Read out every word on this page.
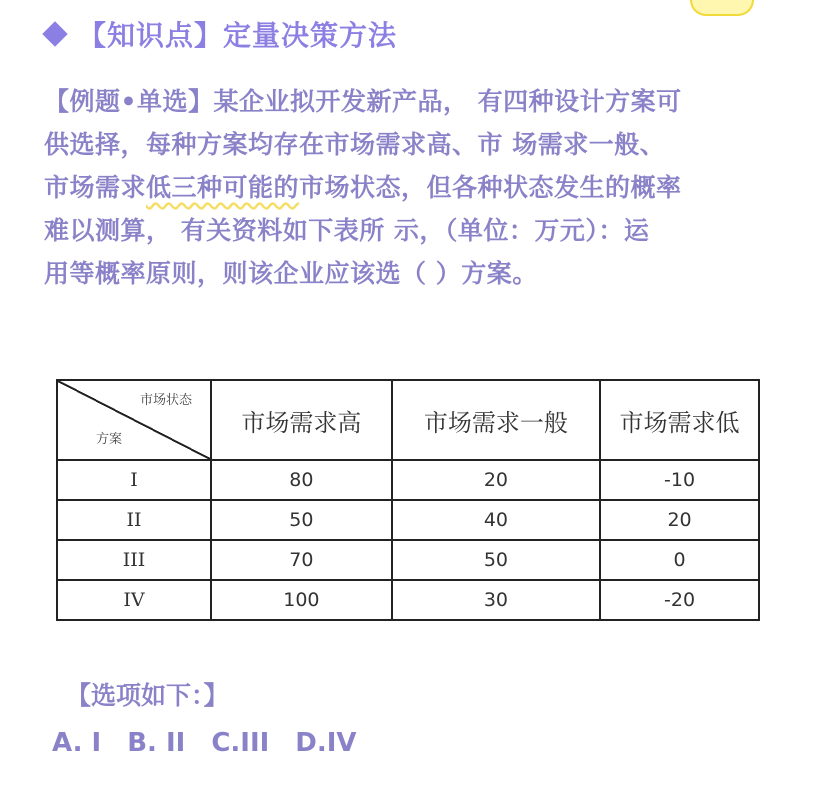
【 知识点 】 定量决策方法
【例题•单选】某企业拟开发新产品， 有四种设计方案可
供选择，每种方案均存在市场需求高、市 场需求一般、
市场需求低三种可能的市场状态，但各种状态发生的概率
难以测算， 有关资料如下表所 示，（单位：万元）：运
用等概率原则，则该企业应该选（ ）方案。
市场状态
方案	市场需求高	市场需求一般	市场需求低
I	80	20	-10
II	50	40	20
III	70	50	0
IV	100	30	-20
【选项如下：】
A. I B. II C.III D.IV
